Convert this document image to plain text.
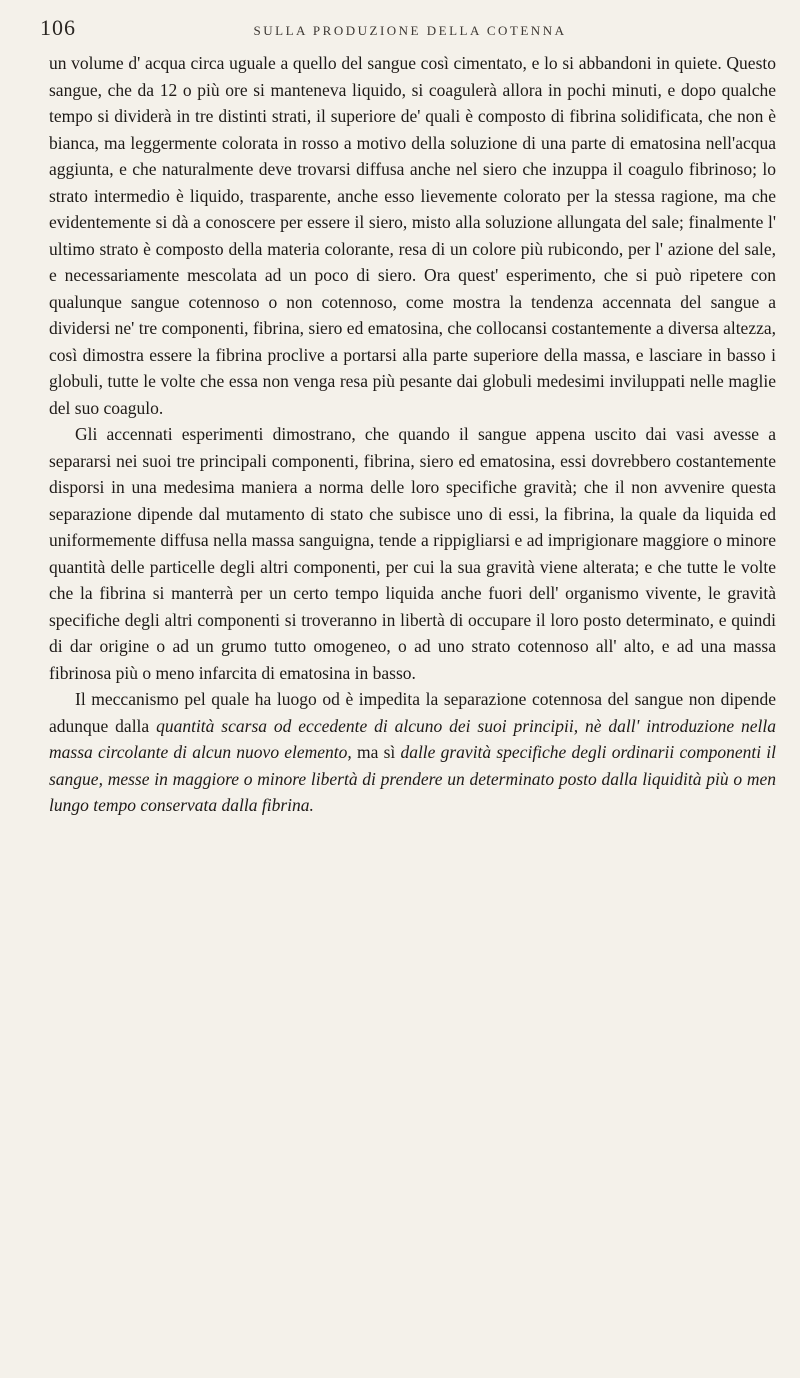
106	SULLA PRODUZIONE DELLA COTENNA

un volume d' acqua circa uguale a quello del sangue così cimentato, e lo si abbandoni in quiete. Questo sangue, che da 12 o più ore si manteneva liquido, si coagulerà allora in pochi minuti, e dopo qualche tempo si dividerà in tre distinti strati, il superiore de' quali è composto di fibrina solidificata, che non è bianca, ma leggermente colorata in rosso a motivo della soluzione di una parte di ematosina nell'acqua aggiunta, e che naturalmente deve trovarsi diffusa anche nel siero che inzuppa il coagulo fibrinoso; lo strato intermedio è liquido, trasparente, anche esso lievemente colorato per la stessa ragione, ma che evidentemente si dà a conoscere per essere il siero, misto alla soluzione allungata del sale; finalmente l' ultimo strato è composto della materia colorante, resa di un colore più rubicondo, per l' azione del sale, e necessariamente mescolata ad un poco di siero. Ora quest' esperimento, che si può ripetere con qualunque sangue cotennoso o non cotennoso, come mostra la tendenza accennata del sangue a dividersi ne' tre componenti, fibrina, siero ed ematosina, che collocansi costantemente a diversa altezza, così dimostra essere la fibrina proclive a portarsi alla parte superiore della massa, e lasciare in basso i globuli, tutte le volte che essa non venga resa più pesante dai globuli medesimi inviluppati nelle maglie del suo coagulo.

Gli accennati esperimenti dimostrano, che quando il sangue appena uscito dai vasi avesse a separarsi nei suoi tre principali componenti, fibrina, siero ed ematosina, essi dovrebbero costantemente disporsi in una medesima maniera a norma delle loro specifiche gravità; che il non avvenire questa separazione dipende dal mutamento di stato che subisce uno di essi, la fibrina, la quale da liquida ed uniformemente diffusa nella massa sanguigna, tende a rippigliarsi e ad imprigionare maggiore o minore quantità delle particelle degli altri componenti, per cui la sua gravità viene alterata; e che tutte le volte che la fibrina si manterrà per un certo tempo liquida anche fuori dell' organismo vivente, le gravità specifiche degli altri componenti si troveranno in libertà di occupare il loro posto determinato, e quindi di dar origine o ad un grumo tutto omogeneo, o ad uno strato cotennoso all' alto, e ad una massa fibrinosa più o meno infarcita di ematosina in basso.

Il meccanismo pel quale ha luogo od è impedita la separazione cotennosa del sangue non dipende adunque dalla quantità scarsa od eccedente di alcuno dei suoi principii, nè dall' introduzione nella massa circolante di alcun nuovo elemento, ma sì dalle gravità specifiche degli ordinarii componenti il sangue, messe in maggiore o minore libertà di prendere un determinato posto dalla liquidità più o men lungo tempo conservata dalla fibrina.
